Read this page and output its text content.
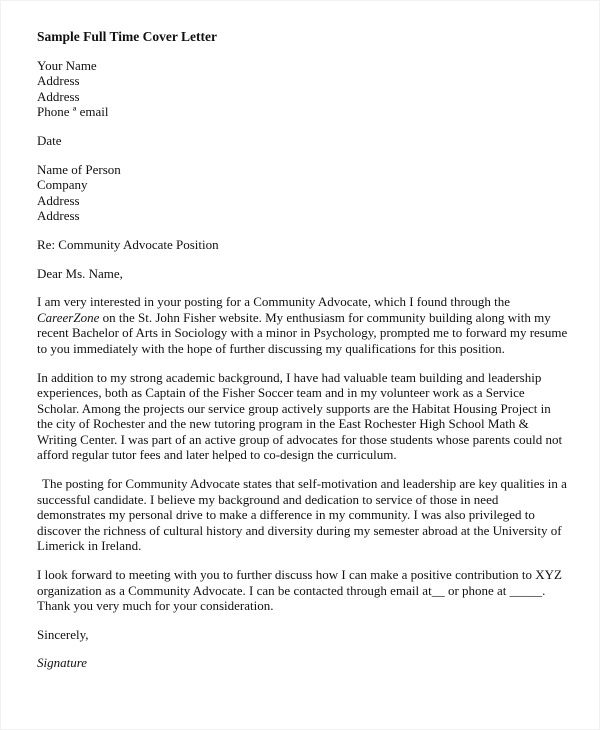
Sample Full Time Cover Letter
Your Name
Address
Address
Phone ª email
Date
Name of Person
Company
Address
Address

Re: Community Advocate Position

Dear Ms. Name,

I am very interested in your posting for a Community Advocate, which I found through the CareerZone on the St. John Fisher website. My enthusiasm for community building along with my recent Bachelor of Arts in Sociology with a minor in Psychology, prompted me to forward my resume to you immediately with the hope of further discussing my qualifications for this position.

In addition to my strong academic background, I have had valuable team building and leadership experiences, both as Captain of the Fisher Soccer team and in my volunteer work as a Service Scholar. Among the projects our service group actively supports are the Habitat Housing Project in the city of Rochester and the new tutoring program in the East Rochester High School Math & Writing Center. I was part of an active group of advocates for those students whose parents could not afford regular tutor fees and later helped to co-design the curriculum.

The posting for Community Advocate states that self-motivation and leadership are key qualities in a successful candidate. I believe my background and dedication to service of those in need demonstrates my personal drive to make a difference in my community. I was also privileged to discover the richness of cultural history and diversity during my semester abroad at the University of Limerick in Ireland.

I look forward to meeting with you to further discuss how I can make a positive contribution to XYZ organization as a Community Advocate. I can be contacted through email at__ or phone at _____. Thank you very much for your consideration.

Sincerely,

Signature
